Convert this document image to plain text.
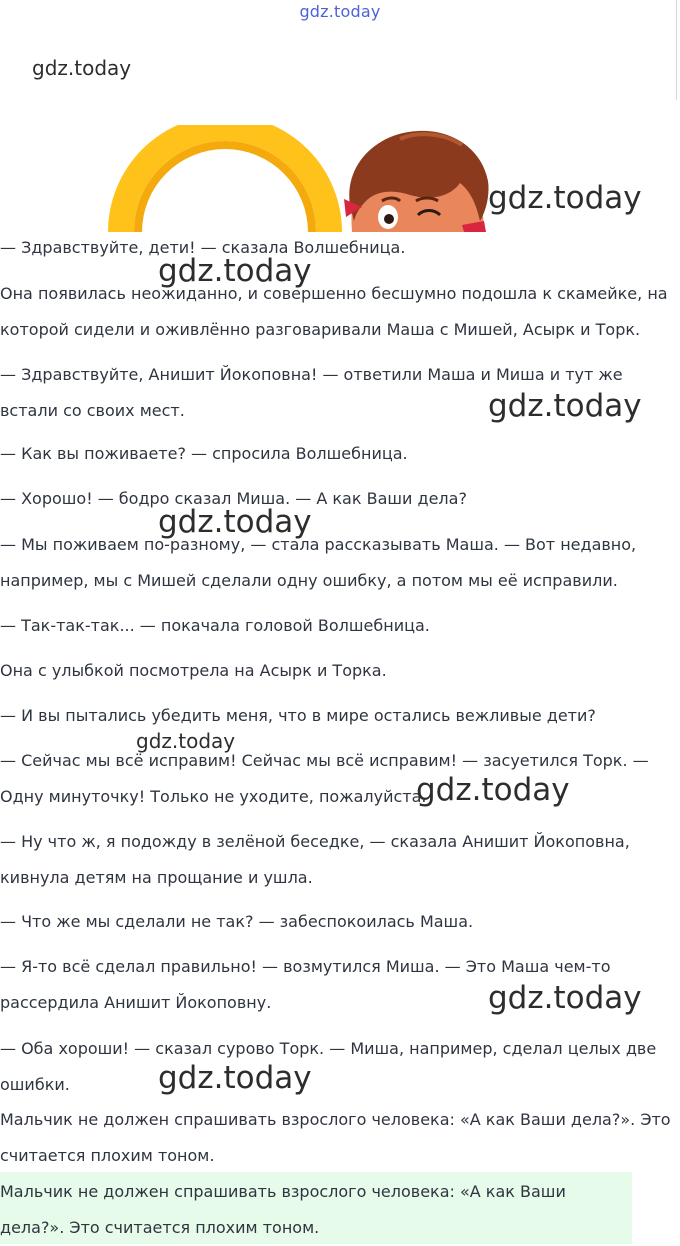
gdz.today
gdz.today
gdz.today

— Здравствуйте, дети! — сказала Волшебница.

gdz.today

Она появилась неожиданно, и совершенно бесшумно подошла к скамейке, на которой сидели и оживлённо разговаривали Маша с Мишей, Асырк и Торк.

— Здравствуйте, Анишит Йокоповна! — ответили Маша и Миша и тут же встали со своих мест.	gdz.today

— Как вы поживаете? — спросила Волшебница.

— Хорошо! — бодро сказал Миша. — А как Ваши дела?

gdz.today

— Мы поживаем по-разному, — стала рассказывать Маша. — Вот недавно, например, мы с Мишей сделали одну ошибку, а потом мы её исправили.

— Так-так-так... — покачала головой Волшебница.

Она с улыбкой посмотрела на Асырк и Торка.

— И вы пытались убедить меня, что в мире остались вежливые дети?

gdz.today

— Сейчас мы всё исправим! Сейчас мы всё исправим! — засуетился Торк. — Одну минуточку! Только не уходите, пожалуйста.

gdz.today

— Ну что ж, я подожду в зелёной беседке, — сказала Анишит Йокоповна, кивнула детям на прощание и ушла.

— Что же мы сделали не так? — забеспокоилась Маша.

— Я-то всё сделал правильно! — возмутился Миша. — Это Маша чем-то рассердила Анишит Йокоповну.	gdz.today

— Оба хороши! — сказал сурово Торк. — Миша, например, сделал целых две ошибки.	gdz.today

Мальчик не должен спрашивать взрослого человека: «А как Ваши дела?». Это считается плохим тоном.

Мальчик не должен спрашивать взрослого человека: «А как Ваши дела?». Это считается плохим тоном.
